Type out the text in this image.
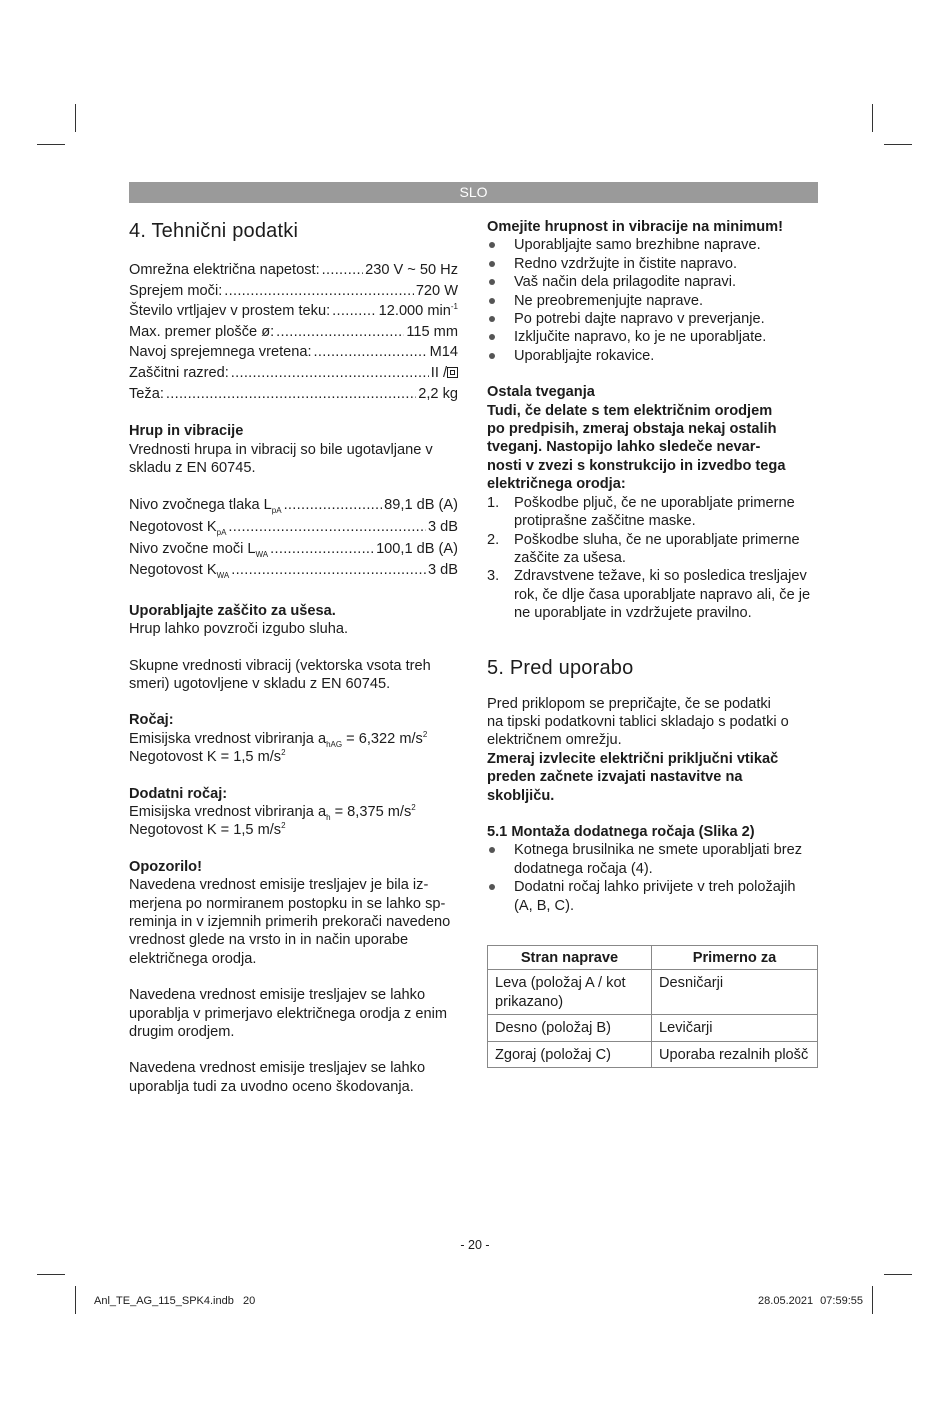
SLO
4. Tehnični podatki
Omrežna električna napetost: .....	230 V ~ 50 Hz
Sprejem moči: .....	720 W
Število vrtljajev v prostem teku: .....	12.000 $\min^{-1}$
Max. premer plošče ø: .....	115 mm
Navoj sprejemnega vretena: .....	M14
Zaščitni razred: .....	II /
Teža: .....	2,2 kg

Hrup in vibracije

Vrednosti hrupa in vibracij so bile ugotavljane v skladu z EN 60745.

Nivo zvočnega tlaka $L_{pA}$ .....	89,1 dB (A)
Negotovost $K_{pA}$ .....	3 dB
Nivo zvočne moči $L_{WA}$ .....	100,1 dB (A)
Negotovost $K_{WA}$ .....	3 dB

Uporabljajte zaščito za ušesa.

Hrup lahko povzroči izgubo sluha.

Skupne vrednosti vibracij (vektorska vsota treh smeri) ugotovljene v skladu z EN 60745.

Ročaj:

Emisijska vrednost vibriranja $a_{hAG} = 6,322$ $m/s^2$

Negotovost K = 1,5 $m/s^2$

Dodatni ročaj:

Emisijska vrednost vibriranja $a_h = 8,375$ $m/s^2$

Negotovost K = 1,5 $m/s^2$

Opozorilo!

Navedena vrednost emisije tresljajev je bila iz-

merjena po normiranem postopku in se lahko sp-

reminja in v izjemnih primerih prekorači navedeno

vrednost glede na vrsto in in način uporabe

električnega orodja.

Navedena vrednost emisije tresljajev se lahko uporablja v primerjavo električnega orodja z enim drugim orodjem.

Navedena vrednost emisije tresljajev se lahko uporablja tudi za uvodno oceno škodovanja.

Omejite hrupnost in vibracije na minimum!

Uporabljajte samo brezhibne naprave.
Redno vzdržujte in čistite napravo.
Vaš način dela prilagodite napravi.
Ne preobremenjujte naprave.
Po potrebi dajte napravo v preverjanje.
Izključite napravo, ko je ne uporabljate.
Uporabljajte rokavice.

Ostala tveganja

Tudi, če delate s tem električnim orodjem

po predpisih, zmeraj obstaja nekaj ostalih

tveganj. Nastopijo lahko sledeče nevar-

nosti v zvezi s konstrukcijo in izvedbo tega

električnega orodja:

1. Poškodbe pljuč, če ne uporabljate primerne protiprašne zaščitne maske.
2. Poškodbe sluha, če ne uporabljate primerne zaščite za ušesa.
3. Zdravstvene težave, ki so posledica tresljajev rok, če dlje časa uporabljate napravo ali, če je ne uporabljate in vzdržujete pravilno.
5. Pred uporabo

Pred priklopom se prepričajte, če se podatki

na tipski podatkovni tablici skladajo s podatki o

električnem omrežju.

Zmeraj izvlecite električni priključni vtikač

preden začnete izvajati nastavitve na

skobljiču.

5.1 Montaža dodatnega ročaja (Slika 2)

Kotnega brusilnika ne smete uporabljati brez dodatnega ročaja (4).
Dodatni ročaj lahko privijete v treh položajih (A, B, C).
Stran naprave	Primerno za
Leva (položaj A / kot prikazano)	Desničarji
Desno (položaj B)	Levičarji
Zgoraj (položaj C)	Uporaba rezalnih plošč
- 20 -
Anl_TE_AG_115_SPK4.indb   20	28.05.2021 07:59:55
